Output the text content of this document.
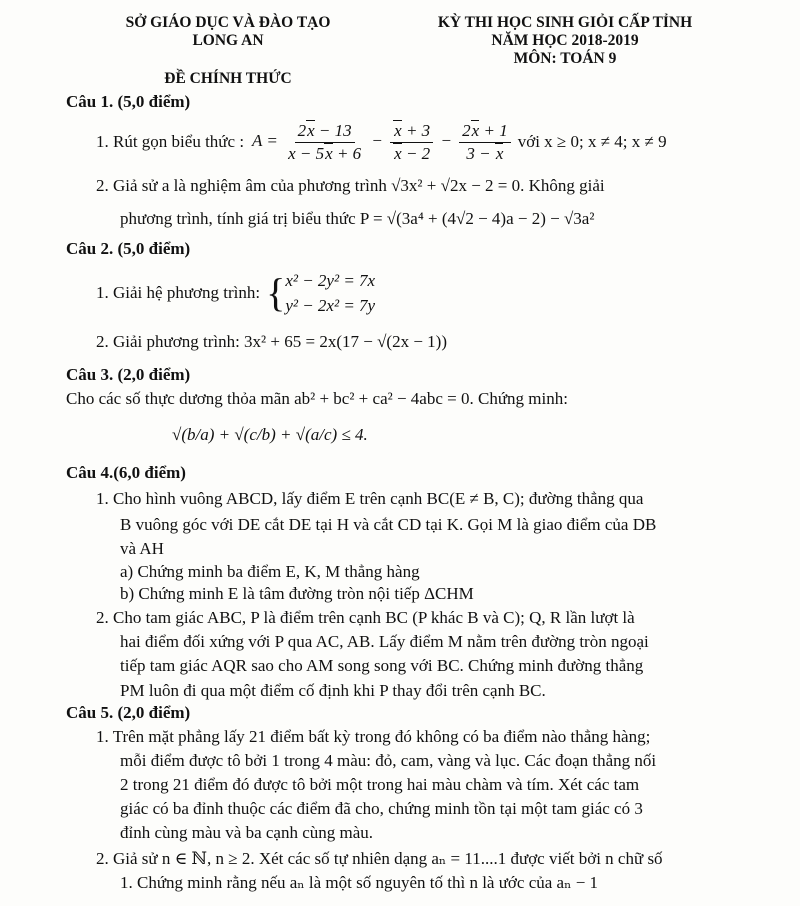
SỞ GIÁO DỤC VÀ ĐÀO TẠO
LONG AN
ĐỀ CHÍNH THỨC
KỲ THI HỌC SINH GIỎI CẤP TỈNH
NĂM HỌC 2018-2019
MÔN: TOÁN 9
Câu 1. (5,0 điểm)
1. Rút gọn biểu thức : $A = \frac{2x - 13}{x - 5x + 6} - \frac{x + 3}{x - 2} - \frac{2x + 1}{3 - x}$ với x ≥ 0; x ≠ 4; x ≠ 9
2. Giả sử a là nghiệm âm của phương trình √3x² + √2x − 2 = 0. Không giải
phương trình, tính giá trị biểu thức P = √(3a⁴ + (4√2 − 4)a − 2) − √3a²
Câu 2. (5,0 điểm)
1. Giải hệ phương trình: { x² − 2y² = 7x
y² − 2x² = 7y
2. Giải phương trình: 3x² + 65 = 2x(17 − √(2x − 1))
Câu 3. (2,0 điểm)
Cho các số thực dương thỏa mãn ab² + bc² + ca² − 4abc = 0. Chứng minh:
√(b/a) + √(c/b) + √(a/c) ≤ 4.
Câu 4.(6,0 điểm)
1. Cho hình vuông ABCD, lấy điểm E trên cạnh BC(E ≠ B, C); đường thẳng qua
B vuông góc với DE cắt DE tại H và cắt CD tại K. Gọi M là giao điểm của DB
và AH
a) Chứng minh ba điểm E, K, M thẳng hàng
b) Chứng minh E là tâm đường tròn nội tiếp ΔCHM
2. Cho tam giác ABC, P là điểm trên cạnh BC (P khác B và C); Q, R lần lượt là
hai điểm đối xứng với P qua AC, AB. Lấy điểm M nằm trên đường tròn ngoại
tiếp tam giác AQR sao cho AM song song với BC. Chứng minh đường thẳng
PM luôn đi qua một điểm cố định khi P thay đổi trên cạnh BC.
Câu 5. (2,0 điểm)
1. Trên mặt phẳng lấy 21 điểm bất kỳ trong đó không có ba điểm nào thẳng hàng;
mỗi điểm được tô bởi 1 trong 4 màu: đỏ, cam, vàng và lục. Các đoạn thẳng nối
2 trong 21 điểm đó được tô bởi một trong hai màu chàm và tím. Xét các tam
giác có ba đỉnh thuộc các điểm đã cho, chứng minh tồn tại một tam giác có 3
đỉnh cùng màu và ba cạnh cùng màu.
2. Giả sử n ∈ ℕ, n ≥ 2. Xét các số tự nhiên dạng aₙ = 11....1 được viết bởi n chữ số
1. Chứng minh rằng nếu aₙ là một số nguyên tố thì n là ước của aₙ − 1
